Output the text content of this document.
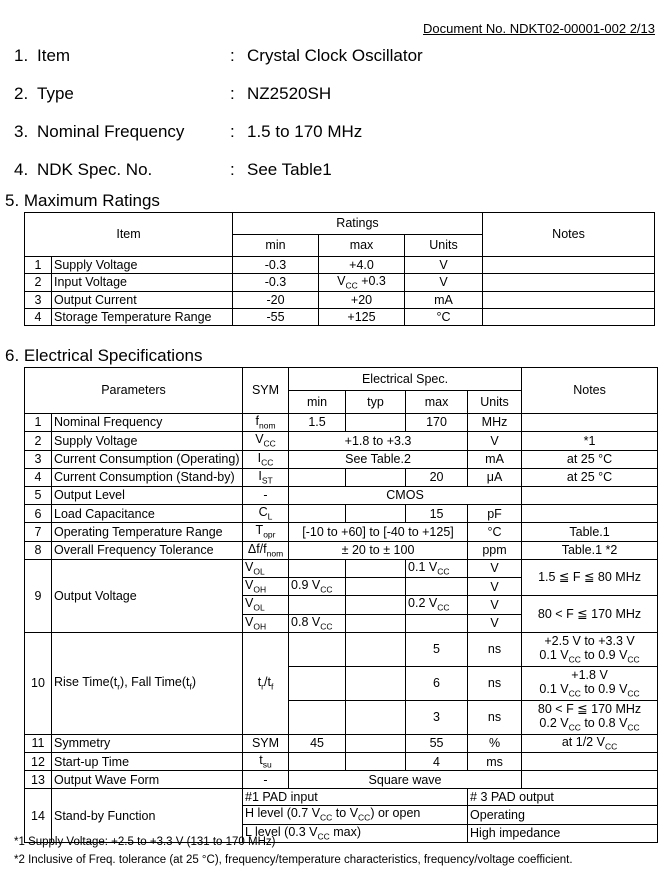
Document No. NDKT02-00001-002 2/13
1. Item	: Crystal Clock Oscillator
2. Type	: NZ2520SH
3. Nominal Frequency	: 1.5 to 170 MHz
4. NDK Spec. No.	: See Table1
5. Maximum Ratings
Item		Ratings			Notes
		min	max	Units	
1	Supply Voltage	-0.3	+4.0	V	
2	Input Voltage	-0.3	$V_{CC} +0.3$	V	
3	Output Current	-20	+20	mA	
4	Storage Temperature Range	-55	+125	°C	
6. Electrical Specifications
Parameters		SYM	Electrical Spec.				Notes
			min	typ	max	Units	
1	Nominal Frequency	$f_{nom}$	1.5		170	MHz	
2	Supply Voltage	$V_{CC}$	+1.8 to +3.3			V	*1
3	Current Consumption (Operating)	$I_{CC}$	See Table.2			mA	at 25 °C
4	Current Consumption (Stand-by)	$I_{ST}$			20	μA	at 25 °C
5	Output Level	-	CMOS				
6	Load Capacitance	$C_L$			15	pF	
7	Operating Temperature Range	$T_{opr}$	[-10 to +60] to [-40 to +125]			°C	Table.1
8	Overall Frequency Tolerance	$\Delta f/f_{nom}$	± 20 to ± 100			ppm	Table.1 *2
9	Output Voltage	$V_{OL}$			0.1 $V_{CC}$	V	1.5 ≦ F ≦ 80 MHz
		$V_{OH}$	0.9 $V_{CC}$			V	
		$V_{OL}$			0.2 $V_{CC}$	V	80 < F ≦ 170 MHz
		$V_{OH}$	0.8 $V_{CC}$			V	
10	Rise $Time(t_r)$, Fall $Time(t_f)$	$t_r/t_f$			5	ns	+2.5 V to +3.3 V
0.1 $V_{CC}$ to 0.9 $V_{CC}$

					6	ns	+1.8 V
0.1 $V_{CC}$ to 0.9 $V_{CC}$

					3	ns	80 < F ≦ 170 MHz
0.2 $V_{CC}$ to 0.8 $V_{CC}$

11	Symmetry	SYM	45		55	%	at 1/2 $V_{CC}$
12	Start-up Time	$t_{su}$			4	ms	
13	Output Wave Form	-	Square wave				
14	Stand-by Function	#1 PAD input				# 3 PAD output	
		H level (0.7 $V_{CC}$ to $V_{CC}$) or open				Operating	
		L level (0.3 $V_{CC}$ max)				High impedance	
*1 Supply Voltage: +2.5 to +3.3 V (131 to 170 MHz)
*2 Inclusive of Freq. tolerance (at 25 °C), frequency/temperature characteristics, frequency/voltage coefficient.
